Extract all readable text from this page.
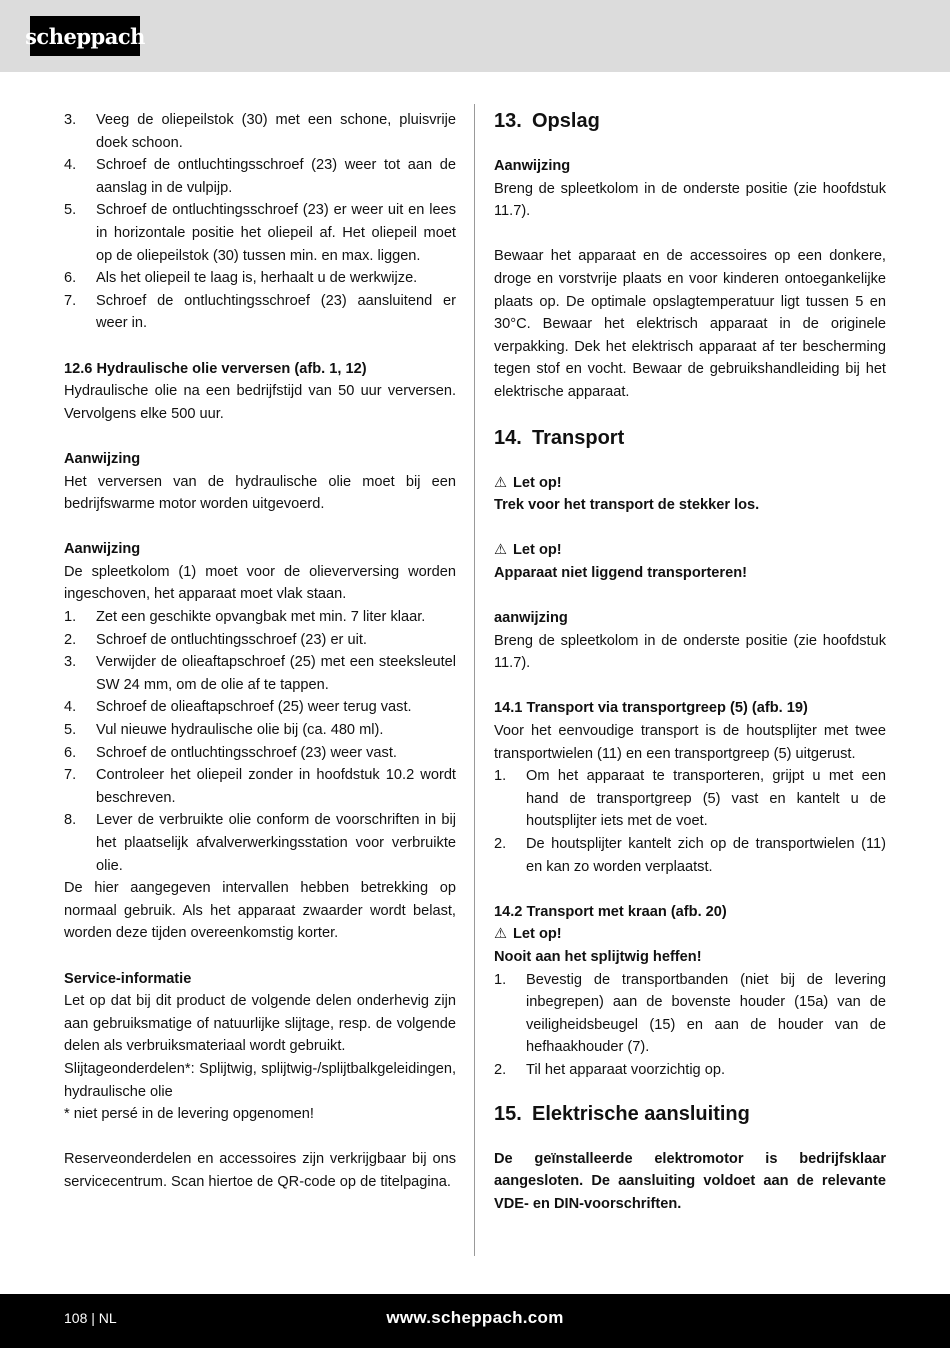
scheppach
3.	Veeg de oliepeilstok (30) met een schone, pluisvrije doek schoon.
4.	Schroef de ontluchtingsschroef (23) weer tot aan de aanslag in de vulpijp.
5.	Schroef de ontluchtingsschroef (23) er weer uit en lees in horizontale positie het oliepeil af. Het oliepeil moet op de oliepeilstok (30) tussen min. en max. liggen.
6.	Als het oliepeil te laag is, herhaalt u de werkwijze.
7.	Schroef de ontluchtingsschroef (23) aansluitend er weer in.

12.6 Hydraulische olie verversen (afb. 1, 12)

Hydraulische olie na een bedrijfstijd van 50 uur verversen. Vervolgens elke 500 uur.

Aanwijzing

Het verversen van de hydraulische olie moet bij een bedrijfswarme motor worden uitgevoerd.

Aanwijzing

De spleetkolom (1) moet voor de olieverversing worden ingeschoven, het apparaat moet vlak staan.

1.	Zet een geschikte opvangbak met min. 7 liter klaar.
2.	Schroef de ontluchtingsschroef (23) er uit.
3.	Verwijder de olieaftapschroef (25) met een steeksleutel SW 24 mm, om de olie af te tappen.
4.	Schroef de olieaftapschroef (25) weer terug vast.
5.	Vul nieuwe hydraulische olie bij (ca. 480 ml).
6.	Schroef de ontluchtingsschroef (23) weer vast.
7.	Controleer het oliepeil zonder in hoofdstuk 10.2 wordt beschreven.
8.	Lever de verbruikte olie conform de voorschriften in bij het plaatselijk afvalverwerkingsstation voor verbruikte olie.

De hier aangegeven intervallen hebben betrekking op normaal gebruik. Als het apparaat zwaarder wordt belast, worden deze tijden overeenkomstig korter.

Service-informatie

Let op dat bij dit product de volgende delen onderhevig zijn aan gebruiksmatige of natuurlijke slijtage, resp. de volgende delen als verbruiksmateriaal wordt gebruikt.

Slijtageonderdelen*: Splijtwig, splijtwig-/splijtbalkgeleidingen, hydraulische olie

* niet persé in de levering opgenomen!

Reserveonderdelen en accessoires zijn verkrijgbaar bij ons servicecentrum. Scan hiertoe de QR-code op de titelpagina.

13. Opslag

Aanwijzing

Breng de spleetkolom in de onderste positie (zie hoofdstuk 11.7).

Bewaar het apparaat en de accessoires op een donkere, droge en vorstvrije plaats en voor kinderen ontoegankelijke plaats op. De optimale opslagtemperatuur ligt tussen 5 en 30°C. Bewaar het elektrisch apparaat in de originele verpakking. Dek het elektrisch apparaat af ter bescherming tegen stof en vocht. Bewaar de gebruikshandleiding bij het elektrische apparaat.

14. Transport

⚠ Let op!

Trek voor het transport de stekker los.

⚠ Let op!

Apparaat niet liggend transporteren!

aanwijzing

Breng de spleetkolom in de onderste positie (zie hoofdstuk 11.7).

14.1 Transport via transportgreep (5) (afb. 19)

Voor het eenvoudige transport is de houtsplijter met twee transportwielen (11) en een transportgreep (5) uitgerust.

1.	Om het apparaat te transporteren, grijpt u met een hand de transportgreep (5) vast en kantelt u de houtsplijter iets met de voet.
2.	De houtsplijter kantelt zich op de transportwielen (11) en kan zo worden verplaatst.

14.2 Transport met kraan (afb. 20)

⚠ Let op!

Nooit aan het splijtwig heffen!

1.	Bevestig de transportbanden (niet bij de levering inbegrepen) aan de bovenste houder (15a) van de veiligheidsbeugel (15) en aan de houder van de hefhaakhouder (7).
2.	Til het apparaat voorzichtig op.
15. Elektrische aansluiting

De geïnstalleerde elektromotor is bedrijfsklaar aangesloten. De aansluiting voldoet aan de relevante VDE- en DIN-voorschriften.

108 | NL	www.scheppach.com
